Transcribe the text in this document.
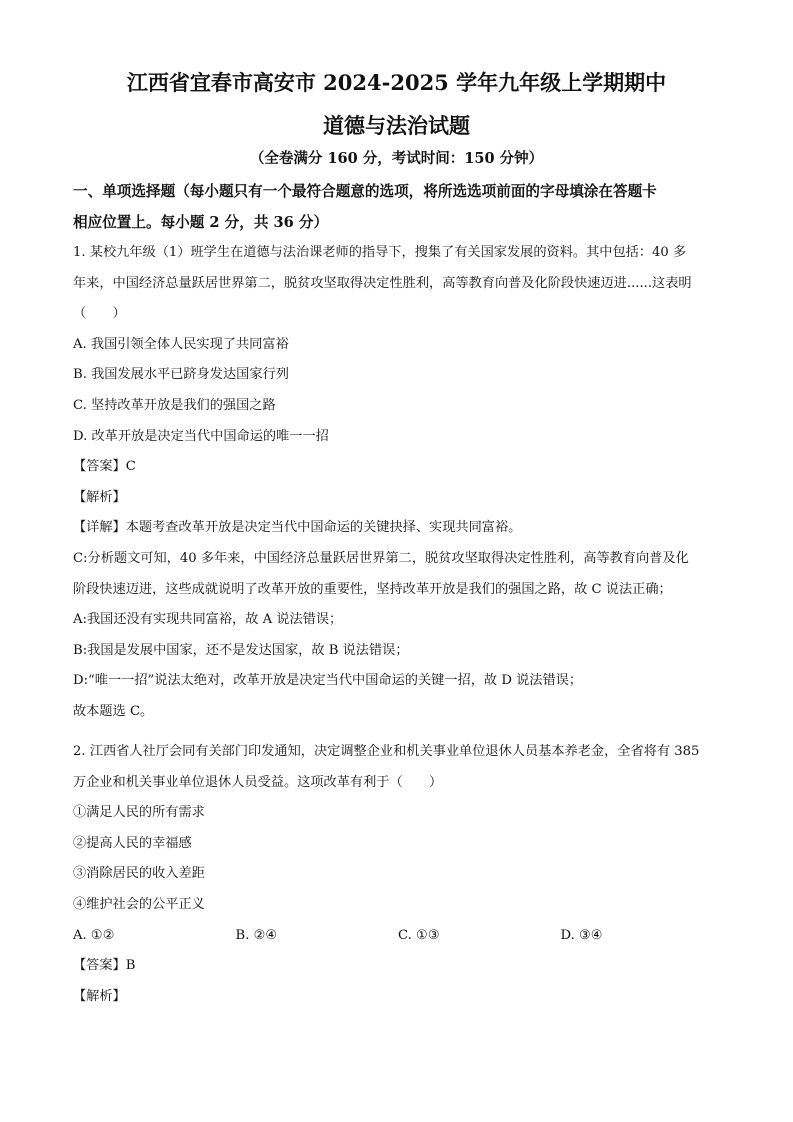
江西省宜春市高安市 2024-2025 学年九年级上学期期中
道德与法治试题
（全卷满分 160 分，考试时间：150 分钟）
一、单项选择题（每小题只有一个最符合题意的选项，将所选选项前面的字母填涂在答题卡
相应位置上。每小题 2 分，共 36 分）
1. 某校九年级（1）班学生在道德与法治课老师的指导下，搜集了有关国家发展的资料。其中包括：40 多
年来，中国经济总量跃居世界第二，脱贫攻坚取得决定性胜利，高等教育向普及化阶段快速迈进......这表明
（　　）
A. 我国引领全体人民实现了共同富裕
B. 我国发展水平已跻身发达国家行列
C. 坚持改革开放是我们的强国之路
D. 改革开放是决定当代中国命运的唯一一招
【答案】C
【解析】
【详解】本题考查改革开放是决定当代中国命运的关键抉择、实现共同富裕。
C:分析题文可知，40 多年来，中国经济总量跃居世界第二，脱贫攻坚取得决定性胜利，高等教育向普及化
阶段快速迈进，这些成就说明了改革开放的重要性，坚持改革开放是我们的强国之路，故 C 说法正确；
A:我国还没有实现共同富裕，故 A 说法错误；
B:我国是发展中国家，还不是发达国家，故 B 说法错误；
D:“唯一一招”说法太绝对，改革开放是决定当代中国命运的关键一招，故 D 说法错误；
故本题选 C。
2. 江西省人社厅会同有关部门印发通知，决定调整企业和机关事业单位退休人员基本养老金，全省将有 385
万企业和机关事业单位退休人员受益。这项改革有利于（　　）
①满足人民的所有需求
②提高人民的幸福感
③消除居民的收入差距
④维护社会的公平正义
A. ①②	B. ②④	C. ①③	D. ③④
【答案】B
【解析】
